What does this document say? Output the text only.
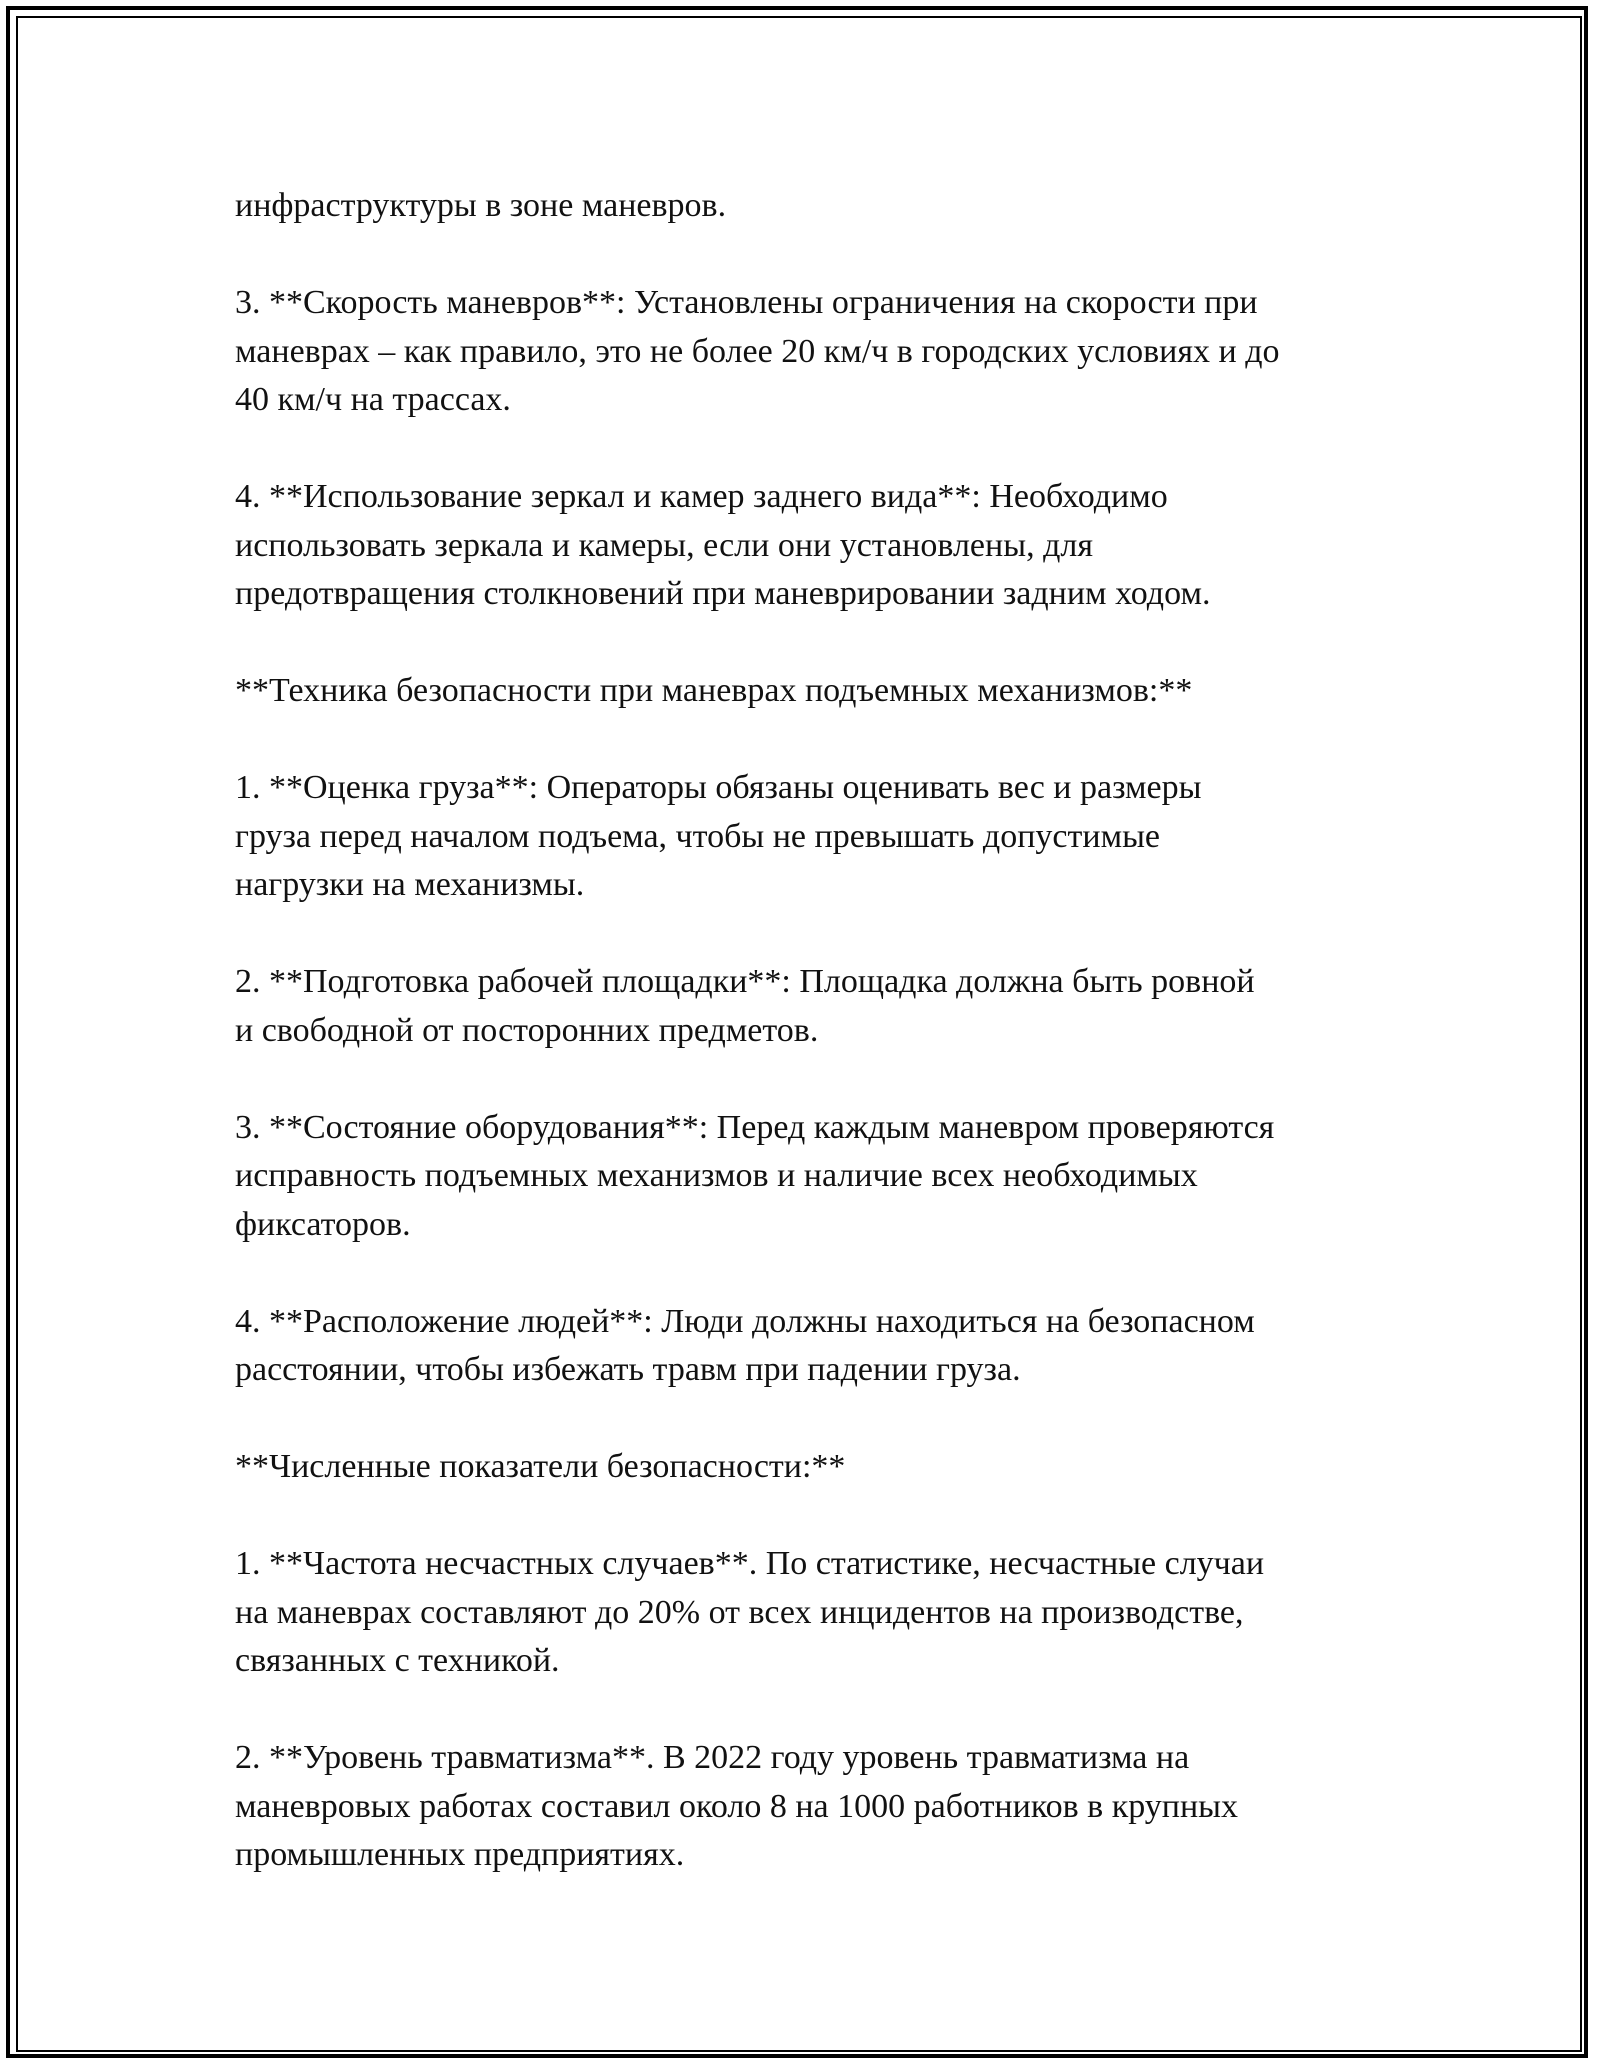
инфраструктуры в зоне маневров.
3. **Скорость маневров**: Установлены ограничения на скорости при
маневрах – как правило, это не более 20 км/ч в городских условиях и до
40 км/ч на трассах.
4. **Использование зеркал и камер заднего вида**: Необходимо
использовать зеркала и камеры, если они установлены, для
предотвращения столкновений при маневрировании задним ходом.
**Техника безопасности при маневрах подъемных механизмов:**
1. **Оценка груза**: Операторы обязаны оценивать вес и размеры
груза перед началом подъема, чтобы не превышать допустимые
нагрузки на механизмы.
2. **Подготовка рабочей площадки**: Площадка должна быть ровной
и свободной от посторонних предметов.
3. **Состояние оборудования**: Перед каждым маневром проверяются
исправность подъемных механизмов и наличие всех необходимых
фиксаторов.
4. **Расположение людей**: Люди должны находиться на безопасном
расстоянии, чтобы избежать травм при падении груза.
**Численные показатели безопасности:**
1. **Частота несчастных случаев**. По статистике, несчастные случаи
на маневрах составляют до 20% от всех инцидентов на производстве,
связанных с техникой.
2. **Уровень травматизма**. В 2022 году уровень травматизма на
маневровых работах составил около 8 на 1000 работников в крупных
промышленных предприятиях.
